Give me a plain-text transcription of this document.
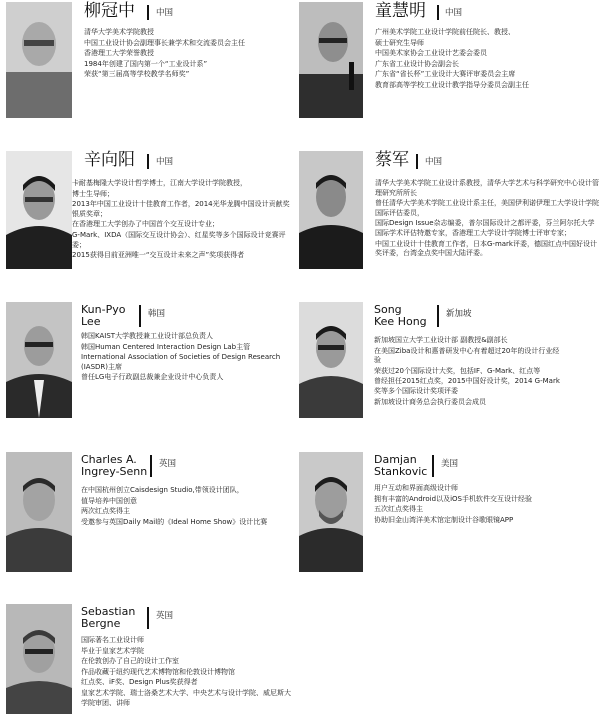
柳冠中 中国

清华大学美术学院教授

中国工业设计协会副理事长兼学术和交流委员会主任

香港理工大学荣誉教授

1984年创建了国内第一个“工业设计系”

荣获“第三届高等学校教学名师奖”

童慧明 中国

广州美术学院工业设计学院前任院长、教授、

硕士研究生导师

中国美术家协会工业设计艺委会委员

广东省工业设计协会副会长

广东省“省长杯”工业设计大赛评审委员会主席

教育部高等学校工业设计教学指导分委员会副主任

辛向阳 中国

卡耐基梅隆大学设计哲学博士，江南大学设计学院教授，

博士生导师；

2013年中国工业设计十佳教育工作者，2014光华龙腾中国设计贡献奖银质奖章；

在香港理工大学创办了中国首个交互设计专业；

G-Mark、IXDA（国际交互设计协会）、红星奖等多个国际设计竞赛评委；

2015获得目前亚洲唯一“交互设计未来之声”奖项获得者

蔡军 中国

清华大学美术学院工业设计系教授，清华大学艺术与科学研究中心设计管理研究所所长

曾任清华大学美术学院工业设计系主任，美国伊利诺伊理工大学设计学院国际评估委员，

国际Design Issue杂志编委，普尔国际设计之都评委，芬兰阿尔托大学国际学术评估特邀专家，香港理工大学设计学院博士评审专家；

中国工业设计十佳教育工作者，日本G-mark评委，德国红点中国好设计奖评委，台湾金点奖中国大陆评委。

Kun-Pyo
Lee
韩国

韩国KAIST大学教授兼工业设计部总负责人

韩国Human Centered Interaction Design Lab主管

International Association of Societies of Design Research (IASDR)主席

曾任LG电子行政副总裁兼企业设计中心负责人

Song
Kee Hong
新加坡

新加坡国立大学工业设计部 副教授&副部长

在美国Ziba设计和惠普研发中心有着超过20年的设计行业经验

荣获过20个国际设计大奖，包括IF、G-Mark、红点等

曾经担任2015红点奖，2015中国好设计奖，2014 G-Mark奖等多个国际设计奖项评委

新加坡设计商务总会执行委员会成员

Charles A.
Ingrey-Senn
英国

在中国杭州创立Caisdesign Studio,带领设计团队，

值导培养中国创意

两次红点奖得主

受邀参与英国Daily Mail的《Ideal Home Show》设计比赛

Damjan
Stankovic
美国

用户互动和界面高级设计师

拥有丰富的Android以及iOS手机软件交互设计经验

五次红点奖得主

协助旧金山湾洋美术馆定制设计谷歌眼镜APP

Sebastian
Bergne
英国

国际著名工业设计师

毕业于皇家艺术学院

在伦敦创办了自己的设计工作室

作品收藏于纽约现代艺术博物馆和伦敦设计博物馆

红点奖、iF奖、Design Plus奖获得者

皇家艺术学院、瑞士洛桑艺术大学、中央艺术与设计学院、威尼斯大学院审团、讲师
